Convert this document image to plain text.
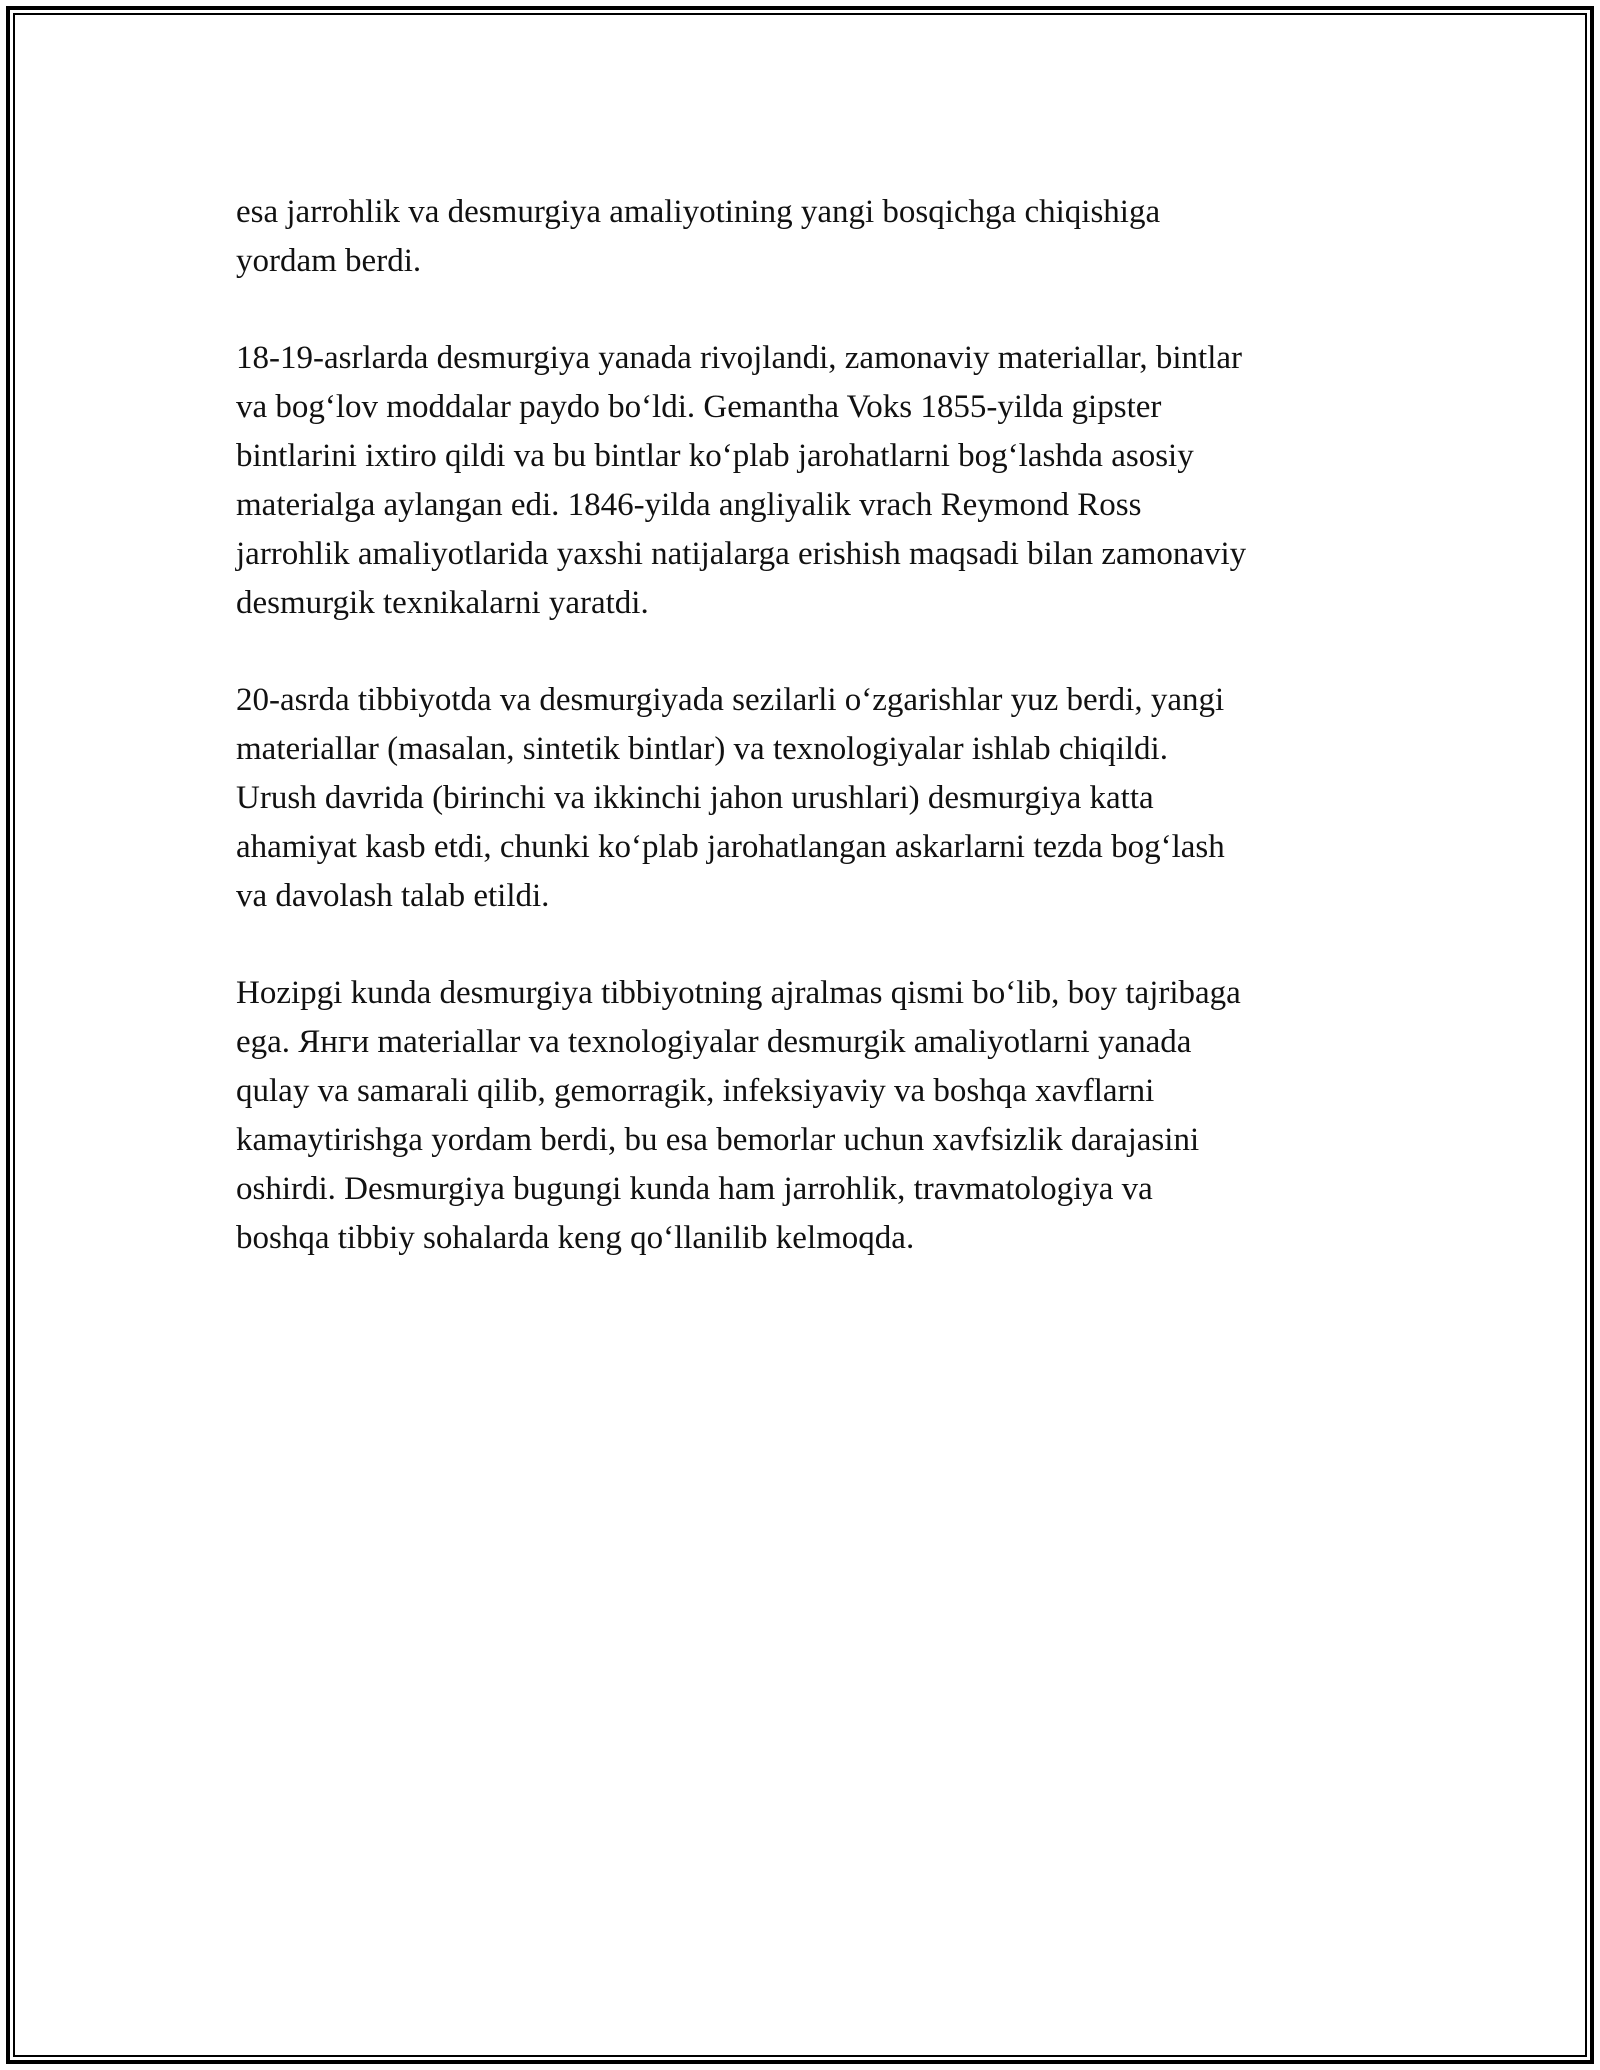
esa jarrohlik va desmurgiya amaliyotining yangi bosqichga chiqishiga
yordam berdi.

18-19-asrlarda desmurgiya yanada rivojlandi, zamonaviy materiallar, bintlar
va bog‘lov moddalar paydo bo‘ldi. Gemantha Voks 1855-yilda gipster
bintlarini ixtiro qildi va bu bintlar ko‘plab jarohatlarni bog‘lashda asosiy
materialga aylangan edi. 1846-yilda angliyalik vrach Reymond Ross
jarrohlik amaliyotlarida yaxshi natijalarga erishish maqsadi bilan zamonaviy
desmurgik texnikalarni yaratdi.

20-asrda tibbiyotda va desmurgiyada sezilarli o‘zgarishlar yuz berdi, yangi
materiallar (masalan, sintetik bintlar) va texnologiyalar ishlab chiqildi.
Urush davrida (birinchi va ikkinchi jahon urushlari) desmurgiya katta
ahamiyat kasb etdi, chunki ko‘plab jarohatlangan askarlarni tezda bog‘lash
va davolash talab etildi.

Hozipgi kunda desmurgiya tibbiyotning ajralmas qismi bo‘lib, boy tajribaga
ega. Янги materiallar va texnologiyalar desmurgik amaliyotlarni yanada
qulay va samarali qilib, gemorragik, infeksiyaviy va boshqa xavflarni
kamaytirishga yordam berdi, bu esa bemorlar uchun xavfsizlik darajasini
oshirdi. Desmurgiya bugungi kunda ham jarrohlik, travmatologiya va
boshqa tibbiy sohalarda keng qo‘llanilib kelmoqda.
